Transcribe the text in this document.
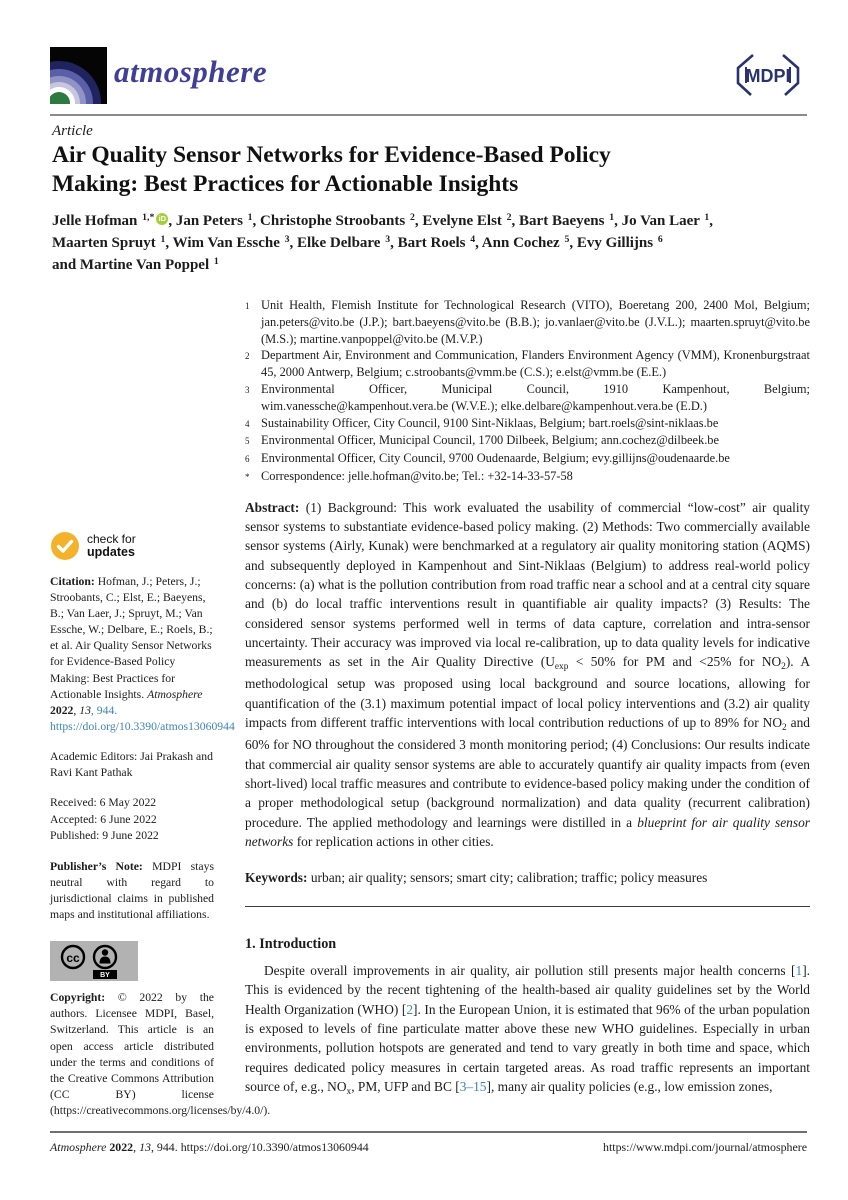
atmosphere	MDPI
Article
Air Quality Sensor Networks for Evidence-Based Policy
Making: Best Practices for Actionable Insights
Jelle Hofman $^{1,*}$ iD , Jan Peters $^1$, Christophe Stroobants $^2$, Evelyne Elst $^2$, Bart Baeyens $^1$, Jo Van Laer $^1$,
Maarten Spruyt $^1$, Wim Van Essche $^3$, Elke Delbare $^3$, Bart Roels $^4$, Ann Cochez $^5$, Evy Gillijns $^6$
and Martine Van Poppel $^1$
1 Unit Health, Flemish Institute for Technological Research (VITO), Boeretang 200, 2400 Mol, Belgium; jan.peters@vito.be (J.P.); bart.baeyens@vito.be (B.B.); jo.vanlaer@vito.be (J.V.L.); maarten.spruyt@vito.be (M.S.); martine.vanpoppel@vito.be (M.V.P.)
2 Department Air, Environment and Communication, Flanders Environment Agency (VMM), Kronenburgstraat 45, 2000 Antwerp, Belgium; c.stroobants@vmm.be (C.S.); e.elst@vmm.be (E.E.)
3 Environmental Officer, Municipal Council, 1910 Kampenhout, Belgium; wim.vanessche@kampenhout.vera.be (W.V.E.); elke.delbare@kampenhout.vera.be (E.D.)
4 Sustainability Officer, City Council, 9100 Sint-Niklaas, Belgium; bart.roels@sint-niklaas.be
5 Environmental Officer, Municipal Council, 1700 Dilbeek, Belgium; ann.cochez@dilbeek.be
6 Environmental Officer, City Council, 9700 Oudenaarde, Belgium; evy.gillijns@oudenaarde.be
* Correspondence: jelle.hofman@vito.be; Tel.: +32-14-33-57-58
Abstract: (1) Background: This work evaluated the usability of commercial “low-cost” air quality sensor systems to substantiate evidence-based policy making. (2) Methods: Two commercially available sensor systems (Airly, Kunak) were benchmarked at a regulatory air quality monitoring station (AQMS) and subsequently deployed in Kampenhout and Sint-Niklaas (Belgium) to address real-world policy concerns: (a) what is the pollution contribution from road traffic near a school and at a central city square and (b) do local traffic interventions result in quantifiable air quality impacts? (3) Results: The considered sensor systems performed well in terms of data capture, correlation and intra-sensor uncertainty. Their accuracy was improved via local re-calibration, up to data quality levels for indicative measurements as set in the Air Quality Directive ($U_{exp} < 50\%$ for PM and <25% for $NO_2$). A methodological setup was proposed using local background and source locations, allowing for quantification of the (3.1) maximum potential impact of local policy interventions and (3.2) air quality impacts from different traffic interventions with local contribution reductions of up to 89% for $NO_2$ and 60% for NO throughout the considered 3 month monitoring period; (4) Conclusions: Our results indicate that commercial air quality sensor systems are able to accurately quantify air quality impacts from (even short-lived) local traffic measures and contribute to evidence-based policy making under the condition of a proper methodological setup (background normalization) and data quality (recurrent calibration) procedure. The applied methodology and learnings were distilled in a blueprint for air quality sensor networks for replication actions in other cities.
Keywords: urban; air quality; sensors; smart city; calibration; traffic; policy measures
1. Introduction
Despite overall improvements in air quality, air pollution still presents major health concerns [1]. This is evidenced by the recent tightening of the health-based air quality guidelines set by the World Health Organization (WHO) [2]. In the European Union, it is estimated that 96% of the urban population is exposed to levels of fine particulate matter above these new WHO guidelines. Especially in urban environments, pollution hotspots are generated and tend to vary greatly in both time and space, which requires dedicated policy measures in certain targeted areas. As road traffic represents an important source of, e.g., $NO_x$, PM, UFP and BC [3–15], many air quality policies (e.g., low emission zones,
check for
updates
Citation: Hofman, J.; Peters, J.; Stroobants, C.; Elst, E.; Baeyens, B.; Van Laer, J.; Spruyt, M.; Van Essche, W.; Delbare, E.; Roels, B.; et al. Air Quality Sensor Networks for Evidence-Based Policy Making: Best Practices for Actionable Insights. Atmosphere 2022, 13, 944. https://doi.org/10.3390/atmos13060944
Academic Editors: Jai Prakash and Ravi Kant Pathak
Received: 6 May 2022
Accepted: 6 June 2022
Published: 9 June 2022
Publisher’s Note: MDPI stays neutral with regard to jurisdictional claims in published maps and institutional affiliations.
cc
BY
Copyright: © 2022 by the authors. Licensee MDPI, Basel, Switzerland. This article is an open access article distributed under the terms and conditions of the Creative Commons Attribution (CC BY) license (https://creativecommons.org/licenses/by/4.0/).
Atmosphere 2022, 13, 944. https://doi.org/10.3390/atmos13060944	https://www.mdpi.com/journal/atmosphere
